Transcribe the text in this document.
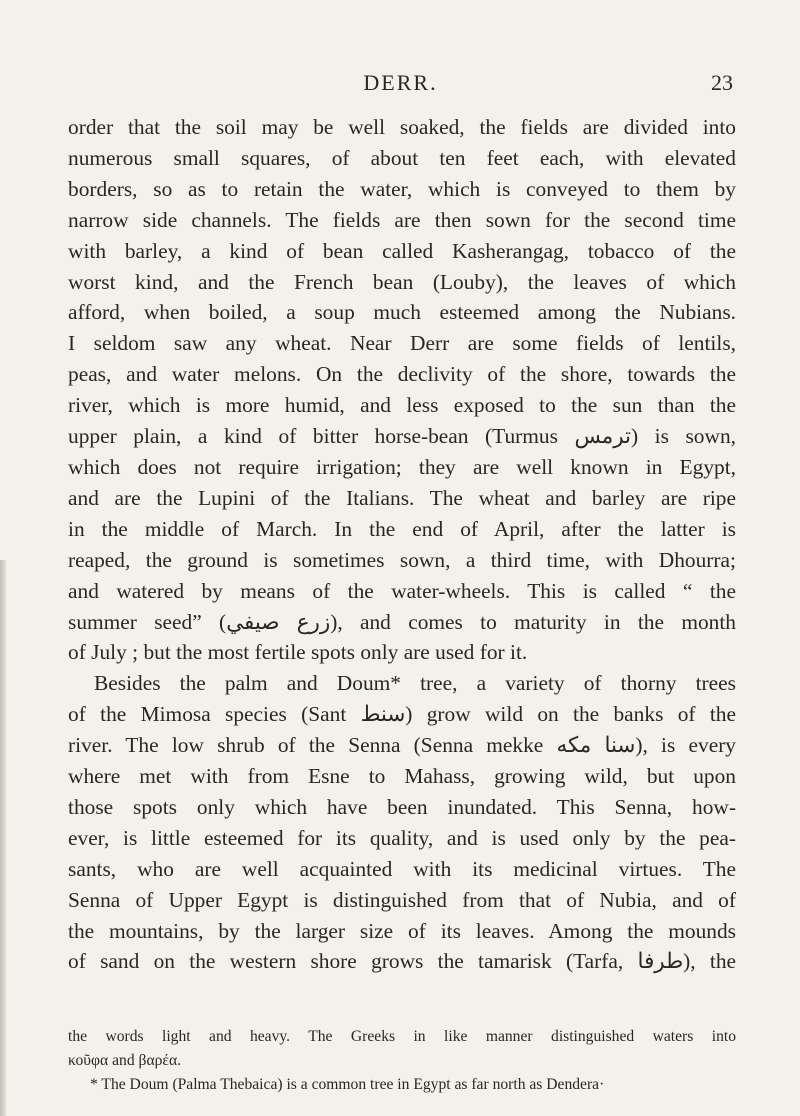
DERR.	23
order that the soil may be well soaked, the fields are divided into
numerous small squares, of about ten feet each, with elevated
borders, so as to retain the water, which is conveyed to them by
narrow side channels. The fields are then sown for the second time
with barley, a kind of bean called Kasherangag, tobacco of the
worst kind, and the French bean (Louby), the leaves of which
afford, when boiled, a soup much esteemed among the Nubians.
I seldom saw any wheat. Near Derr are some fields of lentils,
peas, and water melons. On the declivity of the shore, towards the
river, which is more humid, and less exposed to the sun than the
upper plain, a kind of bitter horse-bean (Turmus ترمس) is sown,
which does not require irrigation; they are well known in Egypt,
and are the Lupini of the Italians. The wheat and barley are ripe
in the middle of March. In the end of April, after the latter is
reaped, the ground is sometimes sown, a third time, with Dhourra;
and watered by means of the water-wheels. This is called “ the
summer seed” (زرع صيفي), and comes to maturity in the month
of July ; but the most fertile spots only are used for it.
Besides the palm and Doum* tree, a variety of thorny trees
of the Mimosa species (Sant سنط) grow wild on the banks of the
river. The low shrub of the Senna (Senna mekke سنا مكه), is every
where met with from Esne to Mahass, growing wild, but upon
those spots only which have been inundated. This Senna, how-
ever, is little esteemed for its quality, and is used only by the pea-
sants, who are well acquainted with its medicinal virtues. The
Senna of Upper Egypt is distinguished from that of Nubia, and of
the mountains, by the larger size of its leaves. Among the mounds
of sand on the western shore grows the tamarisk (Tarfa, طرفا), the
the words light and heavy. The Greeks in like manner distinguished waters into
κοῦφα and βαρέα.
* The Doum (Palma Thebaica) is a common tree in Egypt as far north as Dendera·
